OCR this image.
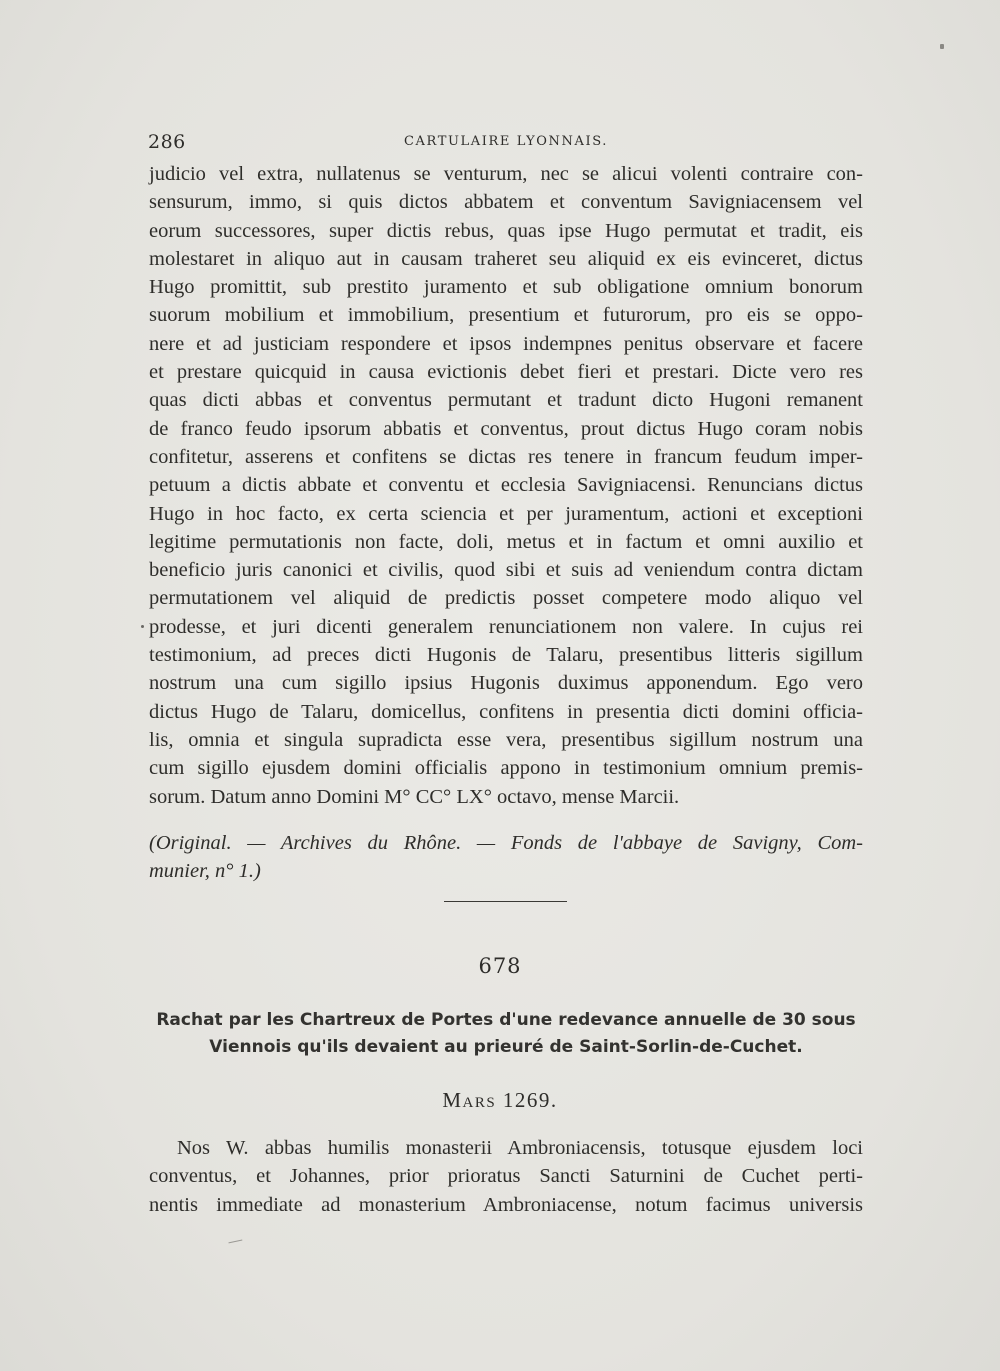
286	CARTULAIRE LYONNAIS.
judicio vel extra, nullatenus se venturum, nec se alicui volenti contraire con-
sensurum, immo, si quis dictos abbatem et conventum Savigniacensem vel
eorum successores, super dictis rebus, quas ipse Hugo permutat et tradit, eis
molestaret in aliquo aut in causam traheret seu aliquid ex eis evinceret, dictus
Hugo promittit, sub prestito juramento et sub obligatione omnium bonorum
suorum mobilium et immobilium, presentium et futurorum, pro eis se oppo-
nere et ad justiciam respondere et ipsos indempnes penitus observare et facere
et prestare quicquid in causa evictionis debet fieri et prestari. Dicte vero res
quas dicti abbas et conventus permutant et tradunt dicto Hugoni remanent
de franco feudo ipsorum abbatis et conventus, prout dictus Hugo coram nobis
confitetur, asserens et confitens se dictas res tenere in francum feudum imper-
petuum a dictis abbate et conventu et ecclesia Savigniacensi. Renuncians dictus
Hugo in hoc facto, ex certa sciencia et per juramentum, actioni et exceptioni
legitime permutationis non facte, doli, metus et in factum et omni auxilio et
beneficio juris canonici et civilis, quod sibi et suis ad veniendum contra dictam
permutationem vel aliquid de predictis posset competere modo aliquo vel
prodesse, et juri dicenti generalem renunciationem non valere. In cujus rei
testimonium, ad preces dicti Hugonis de Talaru, presentibus litteris sigillum
nostrum una cum sigillo ipsius Hugonis duximus apponendum. Ego vero
dictus Hugo de Talaru, domicellus, confitens in presentia dicti domini officia-
lis, omnia et singula supradicta esse vera, presentibus sigillum nostrum una
cum sigillo ejusdem domini officialis appono in testimonium omnium premis-
sorum. Datum anno Domini M° CC° LX° octavo, mense Marcii.
(Original. — Archives du Rhône. — Fonds de l'abbaye de Savigny, Com-
munier, n° 1.)
678
Rachat par les Chartreux de Portes d'une redevance annuelle de 30 sous
Viennois qu'ils devaient au prieuré de Saint-Sorlin-de-Cuchet.
Mars 1269.
Nos W. abbas humilis monasterii Ambroniacensis, totusque ejusdem loci
conventus, et Johannes, prior prioratus Sancti Saturnini de Cuchet perti-
nentis immediate ad monasterium Ambroniacense, notum facimus universis
